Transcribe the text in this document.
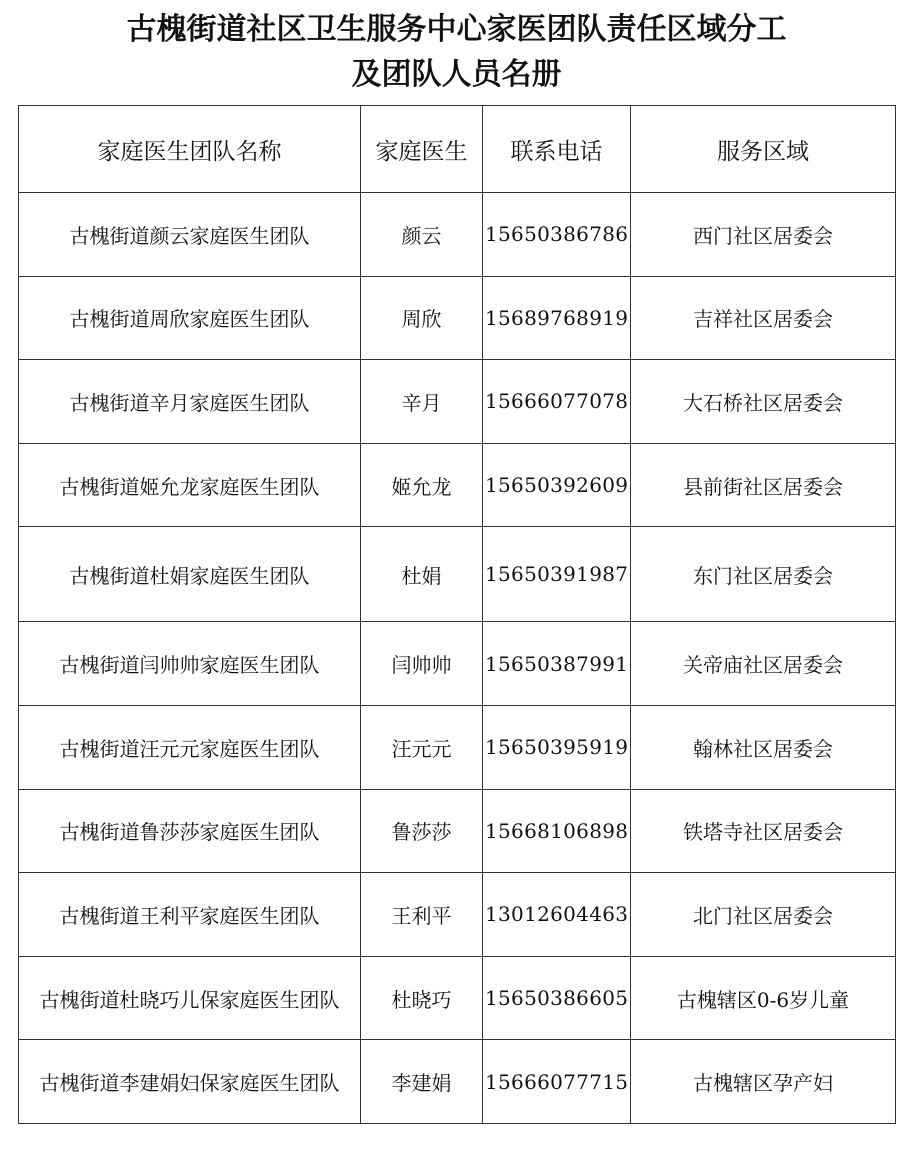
古槐街道社区卫生服务中心家医团队责任区域分工
及团队人员名册
家庭医生团队名称	家庭医生	联系电话	服务区域
古槐街道颜云家庭医生团队	颜云	15650386786	西门社区居委会
古槐街道周欣家庭医生团队	周欣	15689768919	吉祥社区居委会
古槐街道辛月家庭医生团队	辛月	15666077078	大石桥社区居委会
古槐街道姬允龙家庭医生团队	姬允龙	15650392609	县前街社区居委会
古槐街道杜娟家庭医生团队	杜娟	15650391987	东门社区居委会
古槐街道闫帅帅家庭医生团队	闫帅帅	15650387991	关帝庙社区居委会
古槐街道汪元元家庭医生团队	汪元元	15650395919	翰林社区居委会
古槐街道鲁莎莎家庭医生团队	鲁莎莎	15668106898	铁塔寺社区居委会
古槐街道王利平家庭医生团队	王利平	13012604463	北门社区居委会
古槐街道杜晓巧儿保家庭医生团队	杜晓巧	15650386605	古槐辖区0-6岁儿童
古槐街道李建娟妇保家庭医生团队	李建娟	15666077715	古槐辖区孕产妇
